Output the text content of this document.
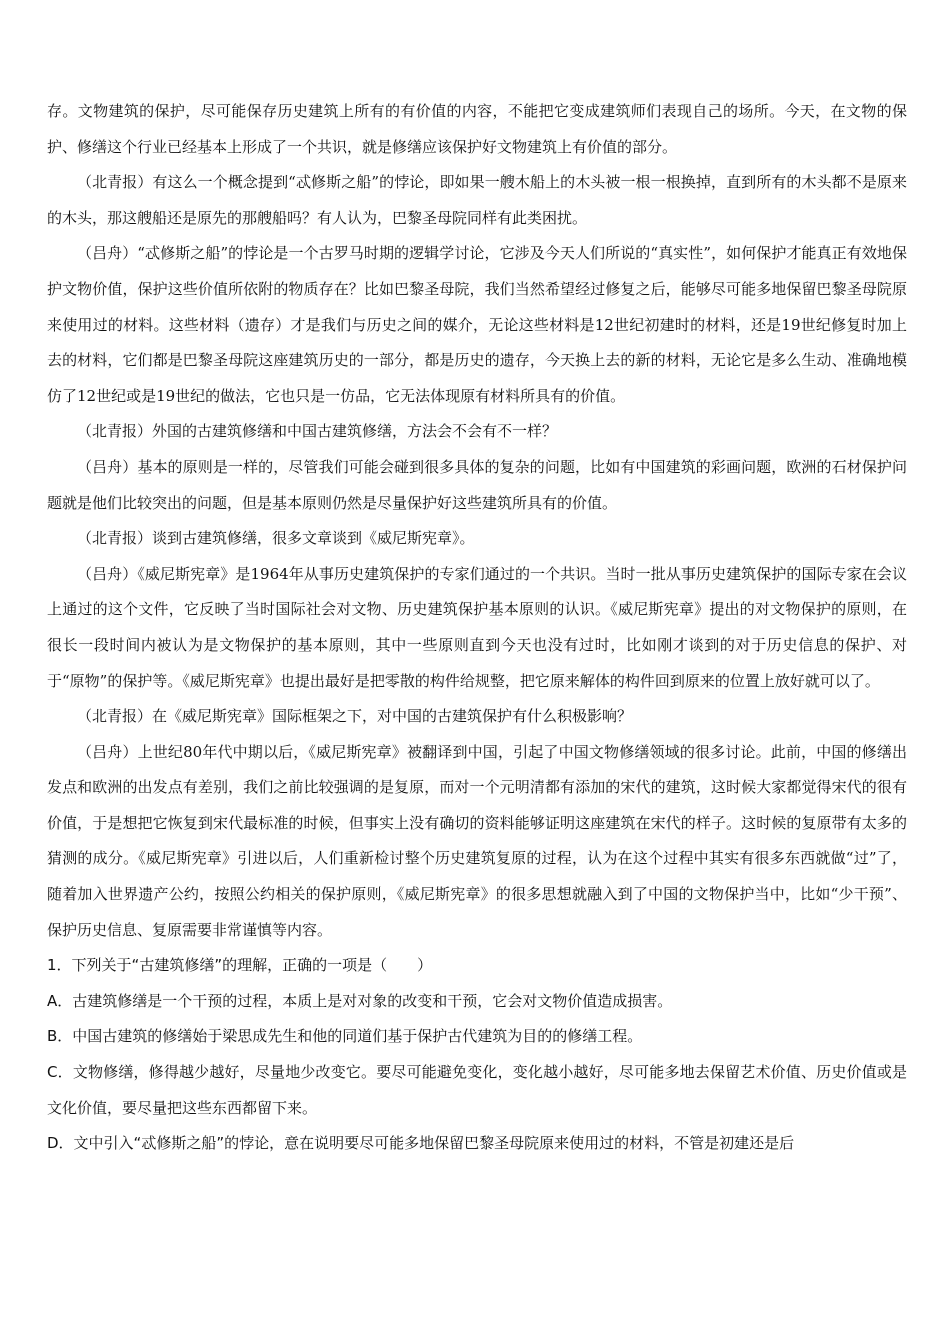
存。文物建筑的保护，尽可能保存历史建筑上所有的有价值的内容，不能把它变成建筑师们表现自己的场所。今天，在文物的保护、修缮这个行业已经基本上形成了一个共识，就是修缮应该保护好文物建筑上有价值的部分。

（北青报）有这么一个概念提到“忒修斯之船”的悖论，即如果一艘木船上的木头被一根一根换掉，直到所有的木头都不是原来的木头，那这艘船还是原先的那艘船吗？有人认为，巴黎圣母院同样有此类困扰。

（吕舟）“忒修斯之船”的悖论是一个古罗马时期的逻辑学讨论，它涉及今天人们所说的“真实性”，如何保护才能真正有效地保护文物价值，保护这些价值所依附的物质存在？比如巴黎圣母院，我们当然希望经过修复之后，能够尽可能多地保留巴黎圣母院原来使用过的材料。这些材料（遗存）才是我们与历史之间的媒介，无论这些材料是12世纪初建时的材料，还是19世纪修复时加上去的材料，它们都是巴黎圣母院这座建筑历史的一部分，都是历史的遗存，今天换上去的新的材料，无论它是多么生动、准确地模仿了12世纪或是19世纪的做法，它也只是一仿品，它无法体现原有材料所具有的价值。

（北青报）外国的古建筑修缮和中国古建筑修缮，方法会不会有不一样？

（吕舟）基本的原则是一样的，尽管我们可能会碰到很多具体的复杂的问题，比如有中国建筑的彩画问题，欧洲的石材保护问题就是他们比较突出的问题，但是基本原则仍然是尽量保护好这些建筑所具有的价值。

（北青报）谈到古建筑修缮，很多文章谈到《威尼斯宪章》。

（吕舟）《威尼斯宪章》是1964年从事历史建筑保护的专家们通过的一个共识。当时一批从事历史建筑保护的国际专家在会议上通过的这个文件，它反映了当时国际社会对文物、历史建筑保护基本原则的认识。《威尼斯宪章》提出的对文物保护的原则，在很长一段时间内被认为是文物保护的基本原则，其中一些原则直到今天也没有过时，比如刚才谈到的对于历史信息的保护、对于“原物”的保护等。《威尼斯宪章》也提出最好是把零散的构件给规整，把它原来解体的构件回到原来的位置上放好就可以了。

（北青报）在《威尼斯宪章》国际框架之下，对中国的古建筑保护有什么积极影响？

（吕舟）上世纪80年代中期以后，《威尼斯宪章》被翻译到中国，引起了中国文物修缮领域的很多讨论。此前，中国的修缮出发点和欧洲的出发点有差别，我们之前比较强调的是复原，而对一个元明清都有添加的宋代的建筑，这时候大家都觉得宋代的很有价值，于是想把它恢复到宋代最标准的时候，但事实上没有确切的资料能够证明这座建筑在宋代的样子。这时候的复原带有太多的猜测的成分。《威尼斯宪章》引进以后，人们重新检讨整个历史建筑复原的过程，认为在这个过程中其实有很多东西就做“过”了，随着加入世界遗产公约，按照公约相关的保护原则，《威尼斯宪章》的很多思想就融入到了中国的文物保护当中，比如“少干预”、保护历史信息、复原需要非常谨慎等内容。

1．下列关于“古建筑修缮”的理解，正确的一项是（　　）

A．古建筑修缮是一个干预的过程，本质上是对对象的改变和干预，它会对文物价值造成损害。

B．中国古建筑的修缮始于梁思成先生和他的同道们基于保护古代建筑为目的的修缮工程。

C．文物修缮，修得越少越好，尽量地少改变它。要尽可能避免变化，变化越小越好，尽可能多地去保留艺术价值、历史价值或是文化价值，要尽量把这些东西都留下来。

D．文中引入“忒修斯之船”的悖论，意在说明要尽可能多地保留巴黎圣母院原来使用过的材料，不管是初建还是后
